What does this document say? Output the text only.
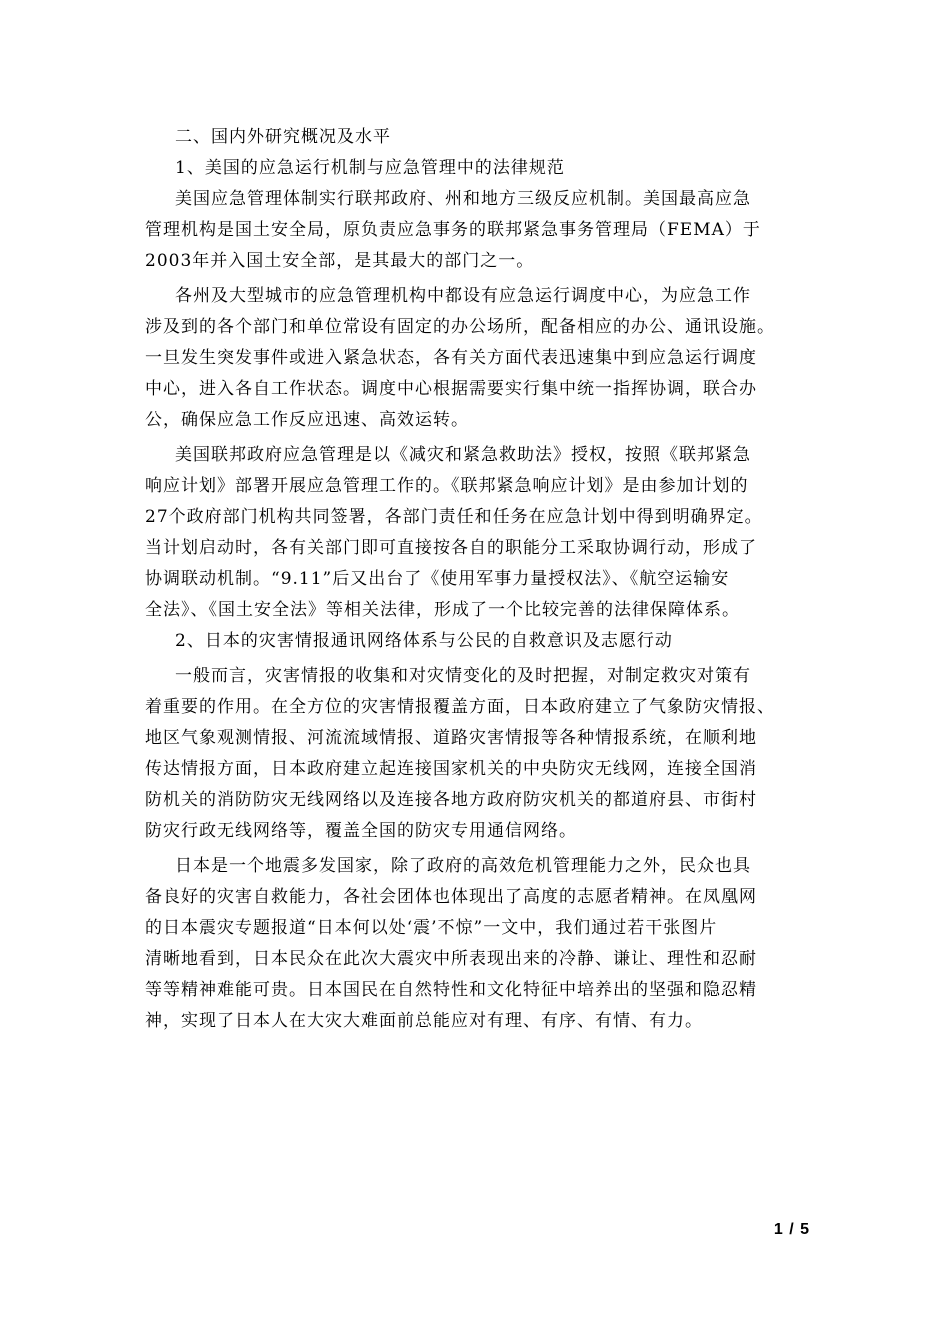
二、国内外研究概况及水平
1、美国的应急运行机制与应急管理中的法律规范
美国应急管理体制实行联邦政府、州和地方三级反应机制。美国最高应急
管理机构是国土安全局，原负责应急事务的联邦紧急事务管理局（FEMA）于
2003年并入国土安全部，是其最大的部门之一。
各州及大型城市的应急管理机构中都设有应急运行调度中心，为应急工作
涉及到的各个部门和单位常设有固定的办公场所，配备相应的办公、通讯设施。
一旦发生突发事件或进入紧急状态，各有关方面代表迅速集中到应急运行调度
中心，进入各自工作状态。调度中心根据需要实行集中统一指挥协调，联合办
公，确保应急工作反应迅速、高效运转。
美国联邦政府应急管理是以《减灾和紧急救助法》授权，按照《联邦紧急
响应计划》部署开展应急管理工作的。《联邦紧急响应计划》是由参加计划的
27个政府部门机构共同签署，各部门责任和任务在应急计划中得到明确界定。
当计划启动时，各有关部门即可直接按各自的职能分工采取协调行动，形成了
协调联动机制。“9.11”后又出台了《使用军事力量授权法》、《航空运输安
全法》、《国土安全法》等相关法律，形成了一个比较完善的法律保障体系。
2、日本的灾害情报通讯网络体系与公民的自救意识及志愿行动
一般而言，灾害情报的收集和对灾情变化的及时把握，对制定救灾对策有
着重要的作用。在全方位的灾害情报覆盖方面，日本政府建立了气象防灾情报、
地区气象观测情报、河流流域情报、道路灾害情报等各种情报系统，在顺利地
传达情报方面，日本政府建立起连接国家机关的中央防灾无线网，连接全国消
防机关的消防防灾无线网络以及连接各地方政府防灾机关的都道府县、市街村
防灾行政无线网络等，覆盖全国的防灾专用通信网络。
日本是一个地震多发国家，除了政府的高效危机管理能力之外，民众也具
备良好的灾害自救能力，各社会团体也体现出了高度的志愿者精神。在凤凰网
的日本震灾专题报道“日本何以处‘震’不惊”一文中，我们通过若干张图片
清晰地看到，日本民众在此次大震灾中所表现出来的冷静、谦让、理性和忍耐
等等精神难能可贵。日本国民在自然特性和文化特征中培养出的坚强和隐忍精
神，实现了日本人在大灾大难面前总能应对有理、有序、有情、有力。
1 / 5
